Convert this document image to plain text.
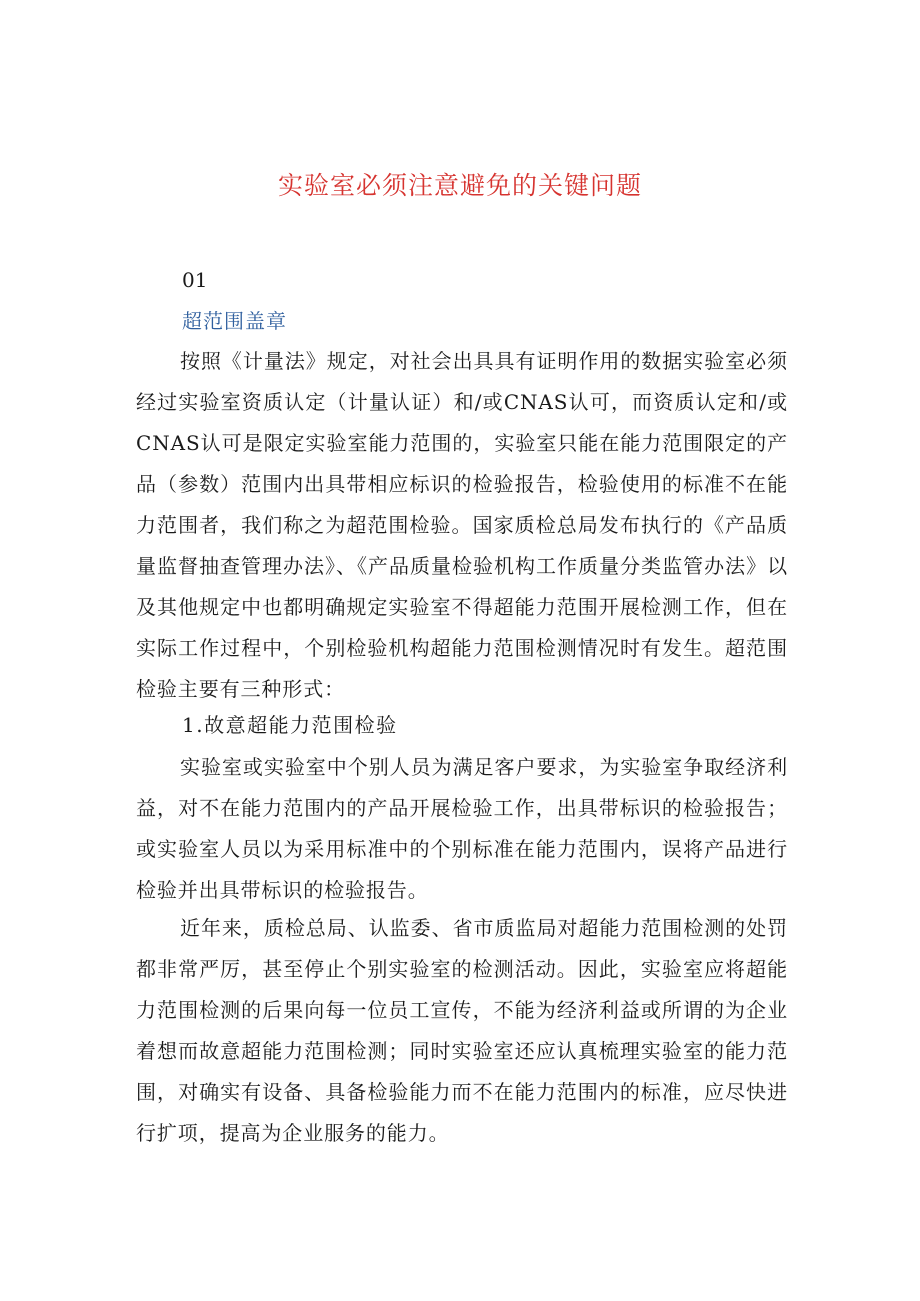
实验室必须注意避免的关键问题
01
超范围盖章

按照《计量法》规定，对社会出具具有证明作用的数据实验室必须经过实验室资质认定（计量认证）和/或CNAS认可，而资质认定和/或CNAS认可是限定实验室能力范围的，实验室只能在能力范围限定的产品（参数）范围内出具带相应标识的检验报告，检验使用的标准不在能力范围者，我们称之为超范围检验。国家质检总局发布执行的《产品质量监督抽查管理办法》、《产品质量检验机构工作质量分类监管办法》以及其他规定中也都明确规定实验室不得超能力范围开展检测工作，但在实际工作过程中，个别检验机构超能力范围检测情况时有发生。超范围检验主要有三种形式：

1.故意超能力范围检验

实验室或实验室中个别人员为满足客户要求，为实验室争取经济利益，对不在能力范围内的产品开展检验工作，出具带标识的检验报告；或实验室人员以为采用标准中的个别标准在能力范围内，误将产品进行检验并出具带标识的检验报告。

近年来，质检总局、认监委、省市质监局对超能力范围检测的处罚都非常严厉，甚至停止个别实验室的检测活动。因此，实验室应将超能力范围检测的后果向每一位员工宣传，不能为经济利益或所谓的为企业着想而故意超能力范围检测；同时实验室还应认真梳理实验室的能力范围，对确实有设备、具备检验能力而不在能力范围内的标准，应尽快进行扩项，提高为企业服务的能力。
